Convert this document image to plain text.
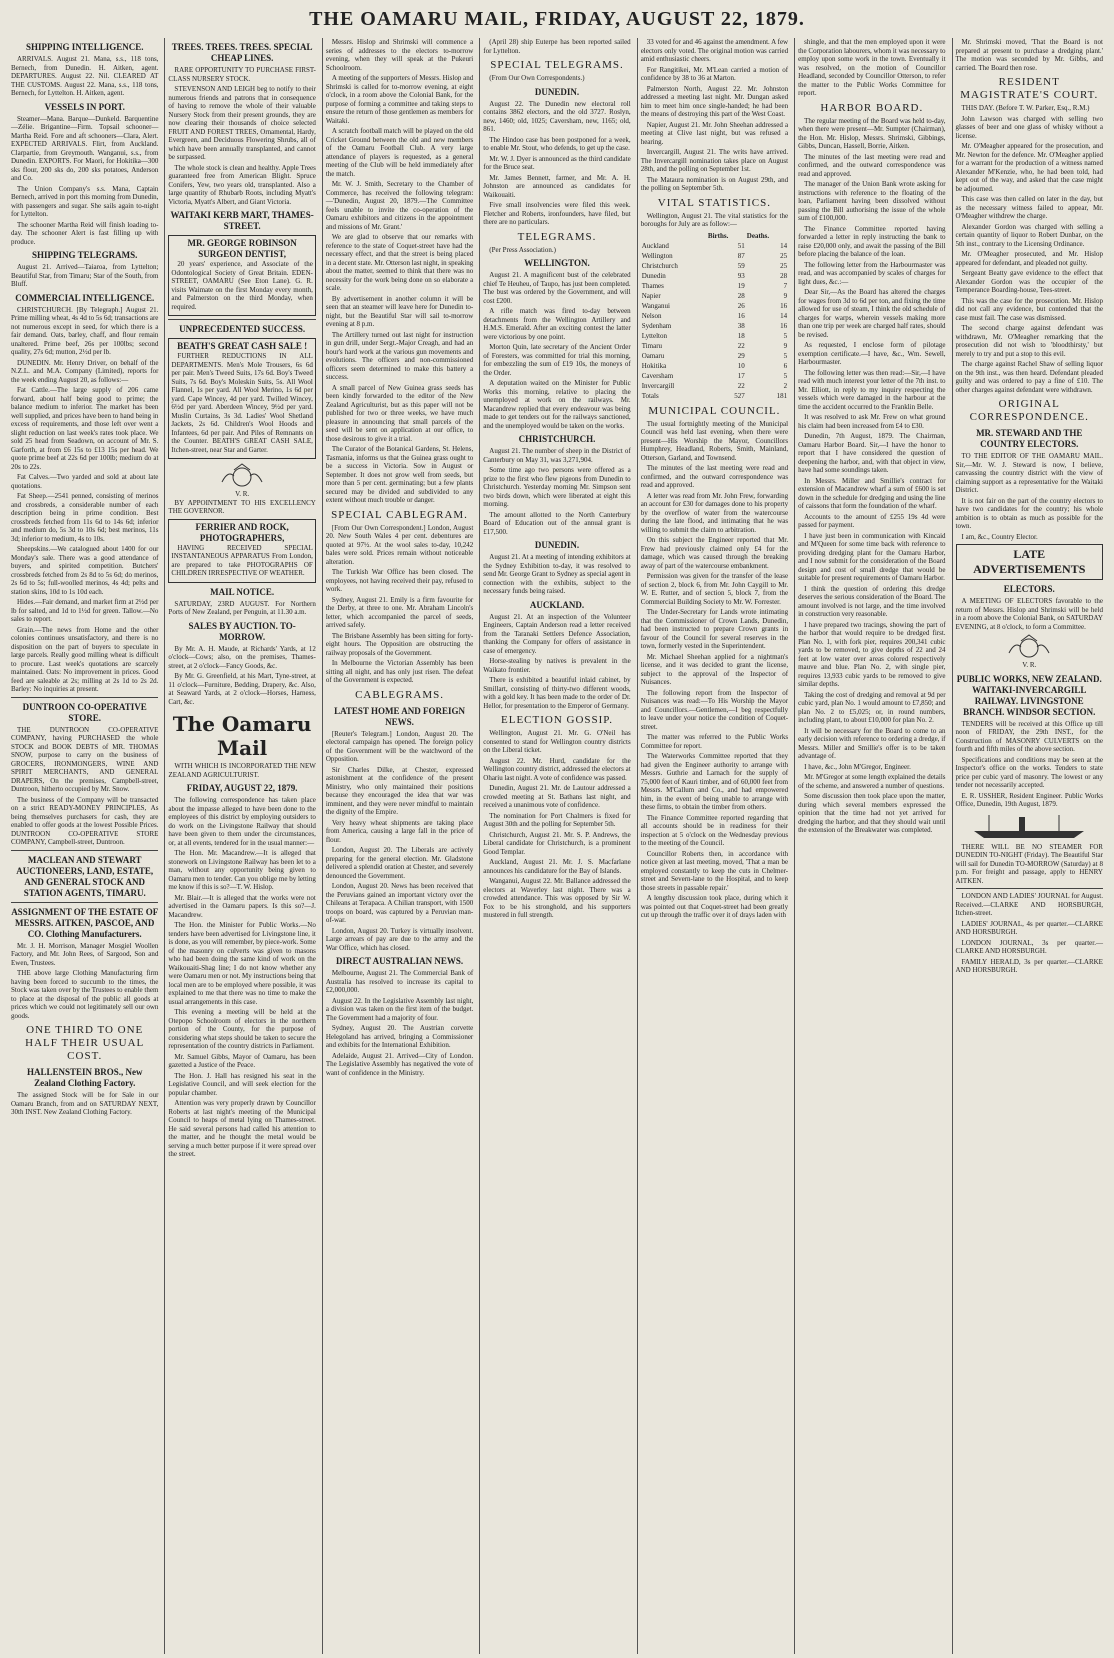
THE OAMARU MAIL, FRIDAY, AUGUST 22, 1879.
SHIPPING INTELLIGENCE.
ARRIVALS. August 21. Mana, s.s., 118 tons, Bernech, from Dunedin. H. Aitken, agent. DEPARTURES. August 22. Nil. CLEARED AT THE CUSTOMS. August 22. Mana, s.s., 118 tons, Bernech, for Lyttelton. H. Aitken, agent.
VESSELS IN PORT.
Steamer—Mana. Barque—Dunkeld. Barquentine—Zélie. Brigantine—Firm. Topsail schooner—Martha Reid. Fore and aft schooners—Clara, Alert. EXPECTED ARRIVALS. Flirt, from Auckland. Clarpartie, from Greymouth. Wanganui, s.s., from Dunedin. EXPORTS. For Maori, for Hokitika—300 sks flour, 200 sks do, 200 sks potatoes, Anderson and Co.
The Union Company's s.s. Mana, Captain Bernech, arrived in port this morning from Dunedin, with passengers and sugar. She sails again to-night for Lyttelton.
The schooner Martha Reid will finish loading to-day. The schooner Alert is fast filling up with produce.
SHIPPING TELEGRAMS.
August 21. Arrived—Taiaroa, from Lyttelton; Beautiful Star, from Timaru; Star of the South, from Bluff.
COMMERCIAL INTELLIGENCE.
CHRISTCHURCH. [By Telegraph.] August 21. Prime milling wheat, 4s 4d to 5s 6d; transactions are not numerous except in seed, for which there is a fair demand. Oats, barley, chaff, and flour remain unaltered. Prime beef, 26s per 100lbs; second quality, 27s 6d; mutton, 2½d per lb.
DUNEDIN. Mr. Henry Driver, on behalf of the N.Z.L. and M.A. Company (Limited), reports for the week ending August 20, as follows:—
Fat Cattle.—The large supply of 206 came forward, about half being good to prime; the balance medium to inferior. The market has been well supplied, and prices have been to hand being in excess of requirements, and those left over went a slight reduction on last week's rates took place. We sold 25 head from Seadown, on account of Mr. S. Garforth, at from £6 15s to £13 15s per head. We quote prime beef at 22s 6d per 100lb; medium do at 20s to 22s.
Fat Calves.—Two yarded and sold at about late quotations.
Fat Sheep.—2541 penned, consisting of merinos and crossbreds, a considerable number of each description being in prime condition. Best crossbreds fetched from 11s 6d to 14s 6d; inferior and medium do, 5s 3d to 10s 6d; best merinos, 11s 3d; inferior to medium, 4s to 10s.
Sheepskins.—We catalogued about 1400 for our Monday's sale. There was a good attendance of buyers, and spirited competition. Butchers' crossbreds fetched from 2s 8d to 5s 6d; do merinos, 2s 6d to 5s; full-woolled merinos, 4s 4d; pelts and station skins, 10d to 1s 10d each.
Hides.—Fair demand, and market firm at 2½d per lb for salted, and 1d to 1½d for green. Tallow.—No sales to report.
Grain.—The news from Home and the other colonies continues unsatisfactory, and there is no disposition on the part of buyers to speculate in large parcels. Really good milling wheat is difficult to procure. Last week's quotations are scarcely maintained. Oats: No improvement in prices. Good feed are saleable at 2s; milling at 2s 1d to 2s 2d. Barley: No inquiries at present.
DUNTROON CO-OPERATIVE STORE.
THE DUNTROON CO-OPERATIVE COMPANY, having PURCHASED the whole STOCK and BOOK DEBTS of MR. THOMAS SNOW, purpose to carry on the business of GROCERS, IRONMONGERS, WINE AND SPIRIT MERCHANTS, AND GENERAL DRAPERS, On the premises, Campbell-street, Duntroon, hitherto occupied by Mr. Snow.
The business of the Company will be transacted on a strict READY-MONEY PRINCIPLES, As being themselves purchasers for cash, they are enabled to offer goods at the lowest Possible Prices. DUNTROON CO-OPERATIVE STORE COMPANY, Campbell-street, Duntroon.
MACLEAN AND STEWART AUCTIONEERS, LAND, ESTATE, AND GENERAL STOCK AND STATION AGENTS, TIMARU.
ASSIGNMENT OF THE ESTATE OF MESSRS. AITKEN, PASCOE, AND CO. Clothing Manufacturers.
Mr. J. H. Morrison, Manager Mosgiel Woollen Factory, and Mr. John Rees, of Sargood, Son and Ewen, Trustees.
THE above large Clothing Manufacturing firm having been forced to succumb to the times, the Stock was taken over by the Trustees to enable them to place at the disposal of the public all goods at prices which we could not legitimately sell our own goods.
ONE THIRD TO ONE HALF THEIR USUAL COST.
HALLENSTEIN BROS., New Zealand Clothing Factory.
The assigned Stock will be for Sale in our Oamaru Branch, from and on SATURDAY NEXT, 30th INST. New Zealand Clothing Factory.
TREES. TREES. TREES. SPECIAL CHEAP LINES.
RARE OPPORTUNITY TO PURCHASE FIRST-CLASS NURSERY STOCK.
STEVENSON AND LEIGH beg to notify to their numerous friends and patrons that in consequence of having to remove the whole of their valuable Nursery Stock from their present grounds, they are now clearing their thousands of choice selected FRUIT AND FOREST TREES, Ornamental, Hardy, Evergreen, and Deciduous Flowering Shrubs, all of which have been annually transplanted, and cannot be surpassed.
The whole stock is clean and healthy. Apple Trees guaranteed free from American Blight. Spruce Conifers, Yew, two years old, transplanted. Also a large quantity of Rhubarb Roots, including Myatt's Victoria, Myatt's Albert, and Giant Victoria.
WAITAKI KERB MART, THAMES-STREET.
MR. GEORGE ROBINSON SURGEON DENTIST,
20 years' experience, and Associate of the Odontological Society of Great Britain. EDEN-STREET, OAMARU (See Eton Lane). G. R. visits Waimate on the first Monday every month, and Palmerston on the third Monday, when required.
UNPRECEDENTED SUCCESS.
BEATH'S GREAT CASH SALE !
FURTHER REDUCTIONS IN ALL DEPARTMENTS. Men's Mole Trousers, 6s 6d per pair. Men's Tweed Suits, 17s 6d. Boy's Tweed Suits, 7s 6d. Boy's Moleskin Suits, 5s. All Wool Flannel, 1s per yard. All Wool Merino, 1s 6d per yard. Cape Wincey, 4d per yard. Twilled Wincey, 6½d per yard. Aberdeen Wincey, 9½d per yard. Muslin Curtains, 3s 3d. Ladies' Wool Shetland Jackets, 2s 6d. Children's Wool Hoods and Infantees, 6d per pair. And Piles of Remnants on the Counter. BEATH'S GREAT CASH SALE, Itchen-street, near Star and Garter.
V. R.
BY APPOINTMENT TO HIS EXCELLENCY THE GOVERNOR.
FERRIER AND ROCK, PHOTOGRAPHERS,
HAVING RECEIVED SPECIAL INSTANTANEOUS APPARATUS From London, are prepared to take PHOTOGRAPHS OF CHILDREN IRRESPECTIVE OF WEATHER.
MAIL NOTICE.
SATURDAY, 23RD AUGUST. For Northern Ports of New Zealand, per Penguin, at 11.30 a.m.
SALES BY AUCTION. TO-MORROW.
By Mr. A. H. Maude, at Richards' Yards, at 12 o'clock—Cows; also, on the premises, Thames-street, at 2 o'clock—Fancy Goods, &c.
By Mr. G. Greenfield, at his Mart, Tyne-street, at 11 o'clock—Furniture, Bedding, Drapery, &c. Also, at Seaward Yards, at 2 o'clock—Horses, Harness, Cart, &c.
The Oamaru Mail
WITH WHICH IS INCORPORATED THE NEW ZEALAND AGRICULTURIST.
FRIDAY, AUGUST 22, 1879.
The following correspondence has taken place about the impasse alleged to have been done to the employees of this district by employing outsiders to do work on the Livingstone Railway that should have been given to them under the circumstances, or, at all events, tendered for in the usual manner:—
The Hon. Mr. Macandrew.—It is alleged that stonework on Livingstone Railway has been let to a man, without any opportunity being given to Oamaru men to tender. Can you oblige me by letting me know if this is so?—T. W. Hislop.
Mr. Blair.—It is alleged that the works were not advertised in the Oamaru papers. Is this so?—J. Macandrew.
The Hon. the Minister for Public Works.—No tenders have been advertised for Livingstone line, it is done, as you will remember, by piece-work. Some of the masonry on culverts was given to masons who had been doing the same kind of work on the Waikouaiti-Shag line; I do not know whether any were Oamaru men or not. My instructions being that local men are to be employed where possible, it was explained to me that there was no time to make the usual arrangements in this case.
This evening a meeting will be held at the Otepopo Schoolroom of electors in the northern portion of the County, for the purpose of considering what steps should be taken to secure the representation of the country districts in Parliament.
Mr. Samuel Gibbs, Mayor of Oamaru, has been gazetted a Justice of the Peace.
The Hon. J. Hall has resigned his seat in the Legislative Council, and will seek election for the popular chamber.
Attention was very properly drawn by Councillor Roberts at last night's meeting of the Municipal Council to heaps of metal lying on Thames-street. He said several persons had called his attention to the matter, and he thought the metal would be serving a much better purpose if it were spread over the street.
Messrs. Hislop and Shrimski will commence a series of addresses to the electors to-morrow evening, when they will speak at the Pukeuri Schoolroom.
A meeting of the supporters of Messrs. Hislop and Shrimski is called for to-morrow evening, at eight o'clock, in a room above the Colonial Bank, for the purpose of forming a committee and taking steps to ensure the return of those gentlemen as members for Waitaki.
A scratch football match will be played on the old Cricket Ground between the old and new members of the Oamaru Football Club. A very large attendance of players is requested, as a general meeting of the Club will be held immediately after the match.
Mr. W. J. Smith, Secretary to the Chamber of Commerce, has received the following telegram:—'Dunedin, August 20, 1879.—The Committee feels unable to invite the co-operation of the Oamaru exhibitors and citizens in the appointment and missions of Mr. Grant.'
We are glad to observe that our remarks with reference to the state of Coquet-street have had the necessary effect, and that the street is being placed in a decent state. Mr. Otterson last night, in speaking about the matter, seemed to think that there was no necessity for the work being done on so elaborate a scale.
By advertisement in another column it will be seen that an steamer will leave here for Dunedin to-night, but the Beautiful Star will sail to-morrow evening at 8 p.m.
The Artillery turned out last night for instruction in gun drill, under Sergt.-Major Creagh, and had an hour's hard work at the various gun movements and evolutions. The officers and non-commissioned officers seem determined to make this battery a success.
A small parcel of New Guinea grass seeds has been kindly forwarded to the editor of the New Zealand Agriculturist, but as this paper will not be published for two or three weeks, we have much pleasure in announcing that small parcels of the seed will be sent on application at our office, to those desirous to give it a trial.
The Curator of the Botanical Gardens, St. Helens, Tasmania, informs us that the Guinea grass ought to be a success in Victoria. Sow in August or September. It does not grow well from seeds, but more than 5 per cent. germinating; but a few plants secured may be divided and subdivided to any extent without much trouble or danger.
SPECIAL CABLEGRAM.
[From Our Own Correspondent.] London, August 20. New South Wales 4 per cent. debentures are quoted at 97½. At the wool sales to-day, 10,242 bales were sold. Prices remain without noticeable alteration.
The Turkish War Office has been closed. The employees, not having received their pay, refused to work.
Sydney, August 21. Emily is a firm favourite for the Derby, at three to one. Mr. Abraham Lincoln's letter, which accompanied the parcel of seeds, arrived safely.
The Brisbane Assembly has been sitting for forty-eight hours. The Opposition are obstructing the railway proposals of the Government.
In Melbourne the Victorian Assembly has been sitting all night, and has only just risen. The defeat of the Government is expected.
CABLEGRAMS.
LATEST HOME AND FOREIGN NEWS.
[Reuter's Telegram.] London, August 20. The electoral campaign has opened. The foreign policy of the Government will be the watchword of the Opposition.
Sir Charles Dilke, at Chester, expressed astonishment at the confidence of the present Ministry, who only maintained their positions because they encouraged the idea that war was imminent, and they were never mindful to maintain the dignity of the Empire.
Very heavy wheat shipments are taking place from America, causing a large fall in the price of flour.
London, August 20. The Liberals are actively preparing for the general election. Mr. Gladstone delivered a splendid oration at Chester, and severely denounced the Government.
London, August 20. News has been received that the Peruvians gained an important victory over the Chileans at Terapaca. A Chilian transport, with 1500 troops on board, was captured by a Peruvian man-of-war.
London, August 20. Turkey is virtually insolvent. Large arrears of pay are due to the army and the War Office, which has closed.
DIRECT AUSTRALIAN NEWS.
Melbourne, August 21. The Commercial Bank of Australia has resolved to increase its capital to £2,000,000.
August 22. In the Legislative Assembly last night, a division was taken on the first item of the budget. The Government had a majority of four.
Sydney, August 20. The Austrian corvette Helegoland has arrived, bringing a Commissioner and exhibits for the International Exhibition.
Adelaide, August 21. Arrived—City of London. The Legislative Assembly has negatived the vote of want of confidence in the Ministry.
(April 28) ship Euterpe has been reported sailed for Lyttelton.
SPECIAL TELEGRAMS.
(From Our Own Correspondents.)
DUNEDIN.
August 22. The Dunedin new electoral roll contains 3862 electors, and the old 3727. Roslyn, new, 1460; old, 1025; Caversham, new, 1165; old, 861.
The Hindoo case has been postponed for a week, to enable Mr. Stout, who defends, to get up the case.
Mr. W. J. Dyer is announced as the third candidate for the Bruce seat.
Mr. James Bennett, farmer, and Mr. A. H. Johnston are announced as candidates for Waikouaiti.
Five small insolvencies were filed this week. Fletcher and Roberts, ironfounders, have filed, but there are no particulars.
TELEGRAMS.
(Per Press Association.)
WELLINGTON.
August 21. A magnificent bust of the celebrated chief Te Heuheu, of Taupo, has just been completed. The bust was ordered by the Government, and will cost £200.
A rifle match was fired to-day between detachments from the Wellington Artillery and H.M.S. Emerald. After an exciting contest the latter were victorious by one point.
Morton Quin, late secretary of the Ancient Order of Foresters, was committed for trial this morning, for embezzling the sum of £19 10s, the moneys of the Order.
A deputation waited on the Minister for Public Works this morning, relative to placing the unemployed at work on the railways. Mr. Macandrew replied that every endeavour was being made to get tenders out for the railways sanctioned, and the unemployed would be taken on the works.
CHRISTCHURCH.
August 21. The number of sheep in the District of Canterbury on May 31, was 3,271,904.
Some time ago two persons were offered as a prize to the first who flew pigeons from Dunedin to Christchurch. Yesterday morning Mr. Simpson sent two birds down, which were liberated at eight this morning.
The amount allotted to the North Canterbury Board of Education out of the annual grant is £17,500.
DUNEDIN.
August 21. At a meeting of intending exhibitors at the Sydney Exhibition to-day, it was resolved to send Mr. George Grant to Sydney as special agent in connection with the exhibits, subject to the necessary funds being raised.
AUCKLAND.
August 21. At an inspection of the Volunteer Engineers, Captain Anderson read a letter received from the Taranaki Settlers Defence Association, thanking the Company for offers of assistance in case of emergency.
Horse-stealing by natives is prevalent in the Waikato frontier.
There is exhibited a beautiful inlaid cabinet, by Smillart, consisting of thirty-two different woods, with a gold key. It has been made to the order of Dr. Hellor, for presentation to the Emperor of Germany.
ELECTION GOSSIP.
Wellington, August 21. Mr. G. O'Neil has consented to stand for Wellington country districts on the Liberal ticket.
August 22. Mr. Hurd, candidate for the Wellington country district, addressed the electors at Ohariu last night. A vote of confidence was passed.
Dunedin, August 21. Mr. de Lautour addressed a crowded meeting at St. Bathans last night, and received a unanimous vote of confidence.
The nomination for Port Chalmers is fixed for August 30th and the polling for September 5th.
Christchurch, August 21. Mr. S. P. Andrews, the Liberal candidate for Christchurch, is a prominent Good Templar.
Auckland, August 21. Mr. J. S. Macfarlane announces his candidature for the Bay of Islands.
Wanganui, August 22. Mr. Ballance addressed the electors at Waverley last night. There was a crowded attendance. This was opposed by Sir W. Fox to be his stronghold, and his supporters mustered in full strength.
33 voted for and 46 against the amendment. A few electors only voted. The original motion was carried amid enthusiastic cheers.
For Rangitikei, Mr. M'Lean carried a motion of confidence by 38 to 36 at Marton.
Palmerston North, August 22. Mr. Johnston addressed a meeting last night. Mr. Dungan asked him to meet him once single-handed; he had been the means of destroying this part of the West Coast.
Napier, August 21. Mr. John Sheehan addressed a meeting at Clive last night, but was refused a hearing.
Invercargill, August 21. The writs have arrived. The Invercargill nomination takes place on August 28th, and the polling on September 1st.
The Mataura nomination is on August 29th, and the polling on September 5th.
VITAL STATISTICS.
Wellington, August 21. The vital statistics for the boroughs for July are as follow:—
	Births.	Deaths.
Auckland	51	14
Wellington	87	25
Christchurch	59	25
Dunedin	93	28
Thames	19	7
Napier	28	9
Wanganui	26	16
Nelson	16	14
Sydenham	38	16
Lyttelton	18	5
Timaru	22	9
Oamaru	29	5
Hokitika	10	6
Caversham	17	5
Invercargill	22	2
Totals	527	181
MUNICIPAL COUNCIL.
The usual fortnightly meeting of the Municipal Council was held last evening, when there were present—His Worship the Mayor, Councillors Humphrey, Headland, Roberts, Smith, Mainland, Otterson, Garland, and Townsend.
The minutes of the last meeting were read and confirmed, and the outward correspondence was read and approved.
A letter was read from Mr. John Frew, forwarding an account for £30 for damages done to his property by the overflow of water from the watercourse during the late flood, and intimating that he was willing to submit the claim to arbitration.
On this subject the Engineer reported that Mr. Frew had previously claimed only £4 for the damage, which was caused through the breaking away of part of the watercourse embankment.
Permission was given for the transfer of the lease of section 2, block 6, from Mr. John Caygill to Mr. W. E. Rutter, and of section 5, block 7, from the Commercial Building Society to Mr. W. Forrester.
The Under-Secretary for Lands wrote intimating that the Commissioner of Crown Lands, Dunedin, had been instructed to prepare Crown grants in favour of the Council for several reserves in the town, formerly vested in the Superintendent.
Mr. Michael Sheehan applied for a nightman's license, and it was decided to grant the license, subject to the approval of the Inspector of Nuisances.
The following report from the Inspector of Nuisances was read:—To His Worship the Mayor and Councillors.—Gentlemen,—I beg respectfully to leave under your notice the condition of Coquet-street.
The matter was referred to the Public Works Committee for report.
The Waterworks Committee reported that they had given the Engineer authority to arrange with Messrs. Guthrie and Larnach for the supply of 75,000 feet of Kauri timber, and of 60,000 feet from Messrs. M'Callum and Co., and had empowered him, in the event of being unable to arrange with these firms, to obtain the timber from others.
The Finance Committee reported regarding that all accounts should be in readiness for their inspection at 5 o'clock on the Wednesday previous to the meeting of the Council.
Councillor Roberts then, in accordance with notice given at last meeting, moved, 'That a man be employed constantly to keep the cuts in Chelmer-street and Severn-lane to the Hospital, and to keep those streets in passable repair.'
A lengthy discussion took place, during which it was pointed out that Coquet-street had been greatly cut up through the traffic over it of drays laden with
shingle, and that the men employed upon it were the Corporation labourers, whom it was necessary to employ upon some work in the town. Eventually it was resolved, on the motion of Councillor Headland, seconded by Councillor Otterson, to refer the matter to the Public Works Committee for report.
HARBOR BOARD.
The regular meeting of the Board was held to-day, when there were present—Mr. Sumpter (Chairman), the Hon. Mr. Hislop, Messrs. Shrimski, Gibbings, Gibbs, Duncan, Hassell, Borrie, Aitken.
The minutes of the last meeting were read and confirmed, and the outward correspondence was read and approved.
The manager of the Union Bank wrote asking for instructions with reference to the floating of the loan, Parliament having been dissolved without passing the Bill authorising the issue of the whole sum of £100,000.
The Finance Committee reported having forwarded a letter in reply instructing the bank to raise £20,000 only, and await the passing of the Bill before placing the balance of the loan.
The following letter from the Harbourmaster was read, and was accompanied by scales of charges for light dues, &c.:—
Dear Sir,—As the Board has altered the charges for wages from 3d to 6d per ton, and fixing the time allowed for use of steam, I think the old schedule of charges for warps, wherein vessels making more than one trip per week are charged half rates, should be revised.
As requested, I enclose form of pilotage exemption certificate.—I have, &c., Wm. Sewell, Harbourmaster.
The following letter was then read:—Sir,—I have read with much interest your letter of the 7th inst. to Mr. Elliott, in reply to my inquiry respecting the vessels which were damaged in the harbour at the time the accident occurred to the Franklin Belle.
It was resolved to ask Mr. Frew on what ground his claim had been increased from £4 to £30.
Dunedin, 7th August, 1879. The Chairman, Oamaru Harbor Board. Sir,—I have the honor to report that I have considered the question of deepening the harbor, and, with that object in view, have had some soundings taken.
In Messrs. Miller and Smillie's contract for extension of Macandrew wharf a sum of £600 is set down in the schedule for dredging and using the line of caissons that form the foundation of the wharf.
Accounts to the amount of £255 19s 4d were passed for payment.
I have just been in communication with Kincaid and M'Queen for some time back with reference to providing dredging plant for the Oamaru Harbor, and I now submit for the consideration of the Board design and cost of small dredge that would be suitable for present requirements of Oamaru Harbor.
I think the question of ordering this dredge deserves the serious consideration of the Board. The amount involved is not large, and the time involved in construction very reasonable.
I have prepared two tracings, showing the part of the harbor that would require to be dredged first. Plan No. 1, with fork pier, requires 200,341 cubic yards to be removed, to give depths of 22 and 24 feet at low water over areas colored respectively mauve and blue. Plan No. 2, with single pier, requires 13,933 cubic yards to be removed to give similar depths.
Taking the cost of dredging and removal at 9d per cubic yard, plan No. 1 would amount to £7,850; and plan No. 2 to £5,025; or, in round numbers, including plant, to about £10,000 for plan No. 2.
It will be necessary for the Board to come to an early decision with reference to ordering a dredge, if Messrs. Miller and Smillie's offer is to be taken advantage of.
I have, &c., John M'Gregor, Engineer.
Mr. M'Gregor at some length explained the details of the scheme, and answered a number of questions.
Some discussion then took place upon the matter, during which several members expressed the opinion that the time had not yet arrived for dredging the harbor, and that they should wait until the extension of the Breakwater was completed.
Mr. Shrimski moved, 'That the Board is not prepared at present to purchase a dredging plant.' The motion was seconded by Mr. Gibbs, and carried. The Board then rose.
RESIDENT MAGISTRATE'S COURT.
THIS DAY. (Before T. W. Parker, Esq., R.M.)
John Lawson was charged with selling two glasses of beer and one glass of whisky without a license.
Mr. O'Meagher appeared for the prosecution, and Mr. Newton for the defence. Mr. O'Meagher applied for a warrant for the production of a witness named Alexander M'Kenzie, who, he had been told, had kept out of the way, and asked that the case might be adjourned.
This case was then called on later in the day, but as the necessary witness failed to appear, Mr. O'Meagher withdrew the charge.
Alexander Gordon was charged with selling a certain quantity of liquor to Robert Dunbar, on the 5th inst., contrary to the Licensing Ordinance.
Mr. O'Meagher prosecuted, and Mr. Hislop appeared for defendant, and pleaded not guilty.
Sergeant Beatty gave evidence to the effect that Alexander Gordon was the occupier of the Temperance Boarding-house, Tees-street.
This was the case for the prosecution. Mr. Hislop did not call any evidence, but contended that the case must fail. The case was dismissed.
The second charge against defendant was withdrawn, Mr. O'Meagher remarking that the prosecution did not wish to 'bloodthirsty,' but merely to try and put a stop to this evil.
The charge against Rachel Shaw of selling liquor on the 9th inst., was then heard. Defendant pleaded guilty and was ordered to pay a fine of £10. The other charges against defendant were withdrawn.
ORIGINAL CORRESPONDENCE.
MR. STEWARD AND THE COUNTRY ELECTORS.
TO THE EDITOR OF THE OAMARU MAIL. Sir,—Mr. W. J. Steward is now, I believe, canvassing the country district with the view of claiming support as a representative for the Waitaki District.
It is not fair on the part of the country electors to have two candidates for the country; his whole ambition is to obtain as much as possible for the town.
I am, &c., Country Elector.
LATE ADVERTISEMENTS
ELECTORS.
A MEETING OF ELECTORS favorable to the return of Messrs. Hislop and Shrimski will be held in a room above the Colonial Bank, on SATURDAY EVENING, at 8 o'clock, to form a Committee.
V. R.
PUBLIC WORKS, NEW ZEALAND. WAITAKI-INVERCARGILL RAILWAY. LIVINGSTONE BRANCH. WINDSOR SECTION.
TENDERS will be received at this Office up till noon of FRIDAY, the 29th INST., for the Construction of MASONRY CULVERTS on the fourth and fifth miles of the above section.
Specifications and conditions may be seen at the Inspector's office on the works. Tenders to state price per cubic yard of masonry. The lowest or any tender not necessarily accepted.
E. R. USSHER, Resident Engineer. Public Works Office, Dunedin, 19th August, 1879.
THERE WILL BE NO STEAMER FOR DUNEDIN TO-NIGHT (Friday). The Beautiful Star will sail for Dunedin TO-MORROW (Saturday) at 8 p.m. For freight and passage, apply to HENRY AITKEN.
LONDON AND LADIES' JOURNAL for August. Received.—CLARKE AND HORSBURGH, Itchen-street.
LADIES' JOURNAL, 4s per quarter.—CLARKE AND HORSBURGH.
LONDON JOURNAL, 3s per quarter.—CLARKE AND HORSBURGH.
FAMILY HERALD, 3s per quarter.—CLARKE AND HORSBURGH.
